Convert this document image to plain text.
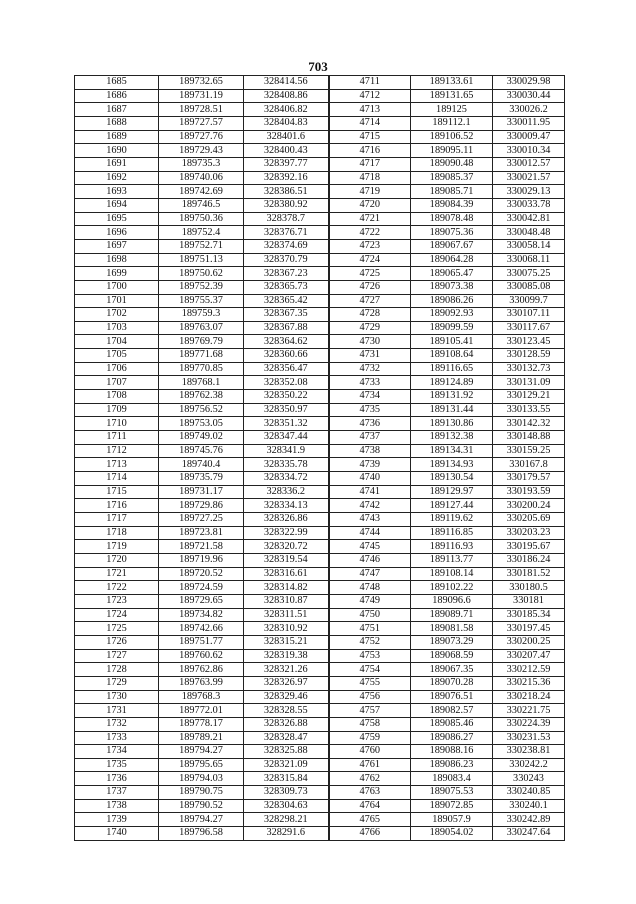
703
1685	189732.65	328414.56	4711	189133.61	330029.98
1686	189731.19	328408.86	4712	189131.65	330030.44
1687	189728.51	328406.82	4713	189125	330026.2
1688	189727.57	328404.83	4714	189112.1	330011.95
1689	189727.76	328401.6	4715	189106.52	330009.47
1690	189729.43	328400.43	4716	189095.11	330010.34
1691	189735.3	328397.77	4717	189090.48	330012.57
1692	189740.06	328392.16	4718	189085.37	330021.57
1693	189742.69	328386.51	4719	189085.71	330029.13
1694	189746.5	328380.92	4720	189084.39	330033.78
1695	189750.36	328378.7	4721	189078.48	330042.81
1696	189752.4	328376.71	4722	189075.36	330048.48
1697	189752.71	328374.69	4723	189067.67	330058.14
1698	189751.13	328370.79	4724	189064.28	330068.11
1699	189750.62	328367.23	4725	189065.47	330075.25
1700	189752.39	328365.73	4726	189073.38	330085.08
1701	189755.37	328365.42	4727	189086.26	330099.7
1702	189759.3	328367.35	4728	189092.93	330107.11
1703	189763.07	328367.88	4729	189099.59	330117.67
1704	189769.79	328364.62	4730	189105.41	330123.45
1705	189771.68	328360.66	4731	189108.64	330128.59
1706	189770.85	328356.47	4732	189116.65	330132.73
1707	189768.1	328352.08	4733	189124.89	330131.09
1708	189762.38	328350.22	4734	189131.92	330129.21
1709	189756.52	328350.97	4735	189131.44	330133.55
1710	189753.05	328351.32	4736	189130.86	330142.32
1711	189749.02	328347.44	4737	189132.38	330148.88
1712	189745.76	328341.9	4738	189134.31	330159.25
1713	189740.4	328335.78	4739	189134.93	330167.8
1714	189735.79	328334.72	4740	189130.54	330179.57
1715	189731.17	328336.2	4741	189129.97	330193.59
1716	189729.86	328334.13	4742	189127.44	330200.24
1717	189727.25	328326.86	4743	189119.62	330205.69
1718	189723.81	328322.99	4744	189116.85	330203.23
1719	189721.58	328320.72	4745	189116.93	330195.67
1720	189719.96	328319.54	4746	189113.77	330186.24
1721	189720.52	328316.61	4747	189108.14	330181.52
1722	189724.59	328314.82	4748	189102.22	330180.5
1723	189729.65	328310.87	4749	189096.6	330181
1724	189734.82	328311.51	4750	189089.71	330185.34
1725	189742.66	328310.92	4751	189081.58	330197.45
1726	189751.77	328315.21	4752	189073.29	330200.25
1727	189760.62	328319.38	4753	189068.59	330207.47
1728	189762.86	328321.26	4754	189067.35	330212.59
1729	189763.99	328326.97	4755	189070.28	330215.36
1730	189768.3	328329.46	4756	189076.51	330218.24
1731	189772.01	328328.55	4757	189082.57	330221.75
1732	189778.17	328326.88	4758	189085.46	330224.39
1733	189789.21	328328.47	4759	189086.27	330231.53
1734	189794.27	328325.88	4760	189088.16	330238.81
1735	189795.65	328321.09	4761	189086.23	330242.2
1736	189794.03	328315.84	4762	189083.4	330243
1737	189790.75	328309.73	4763	189075.53	330240.85
1738	189790.52	328304.63	4764	189072.85	330240.1
1739	189794.27	328298.21	4765	189057.9	330242.89
1740	189796.58	328291.6	4766	189054.02	330247.64
